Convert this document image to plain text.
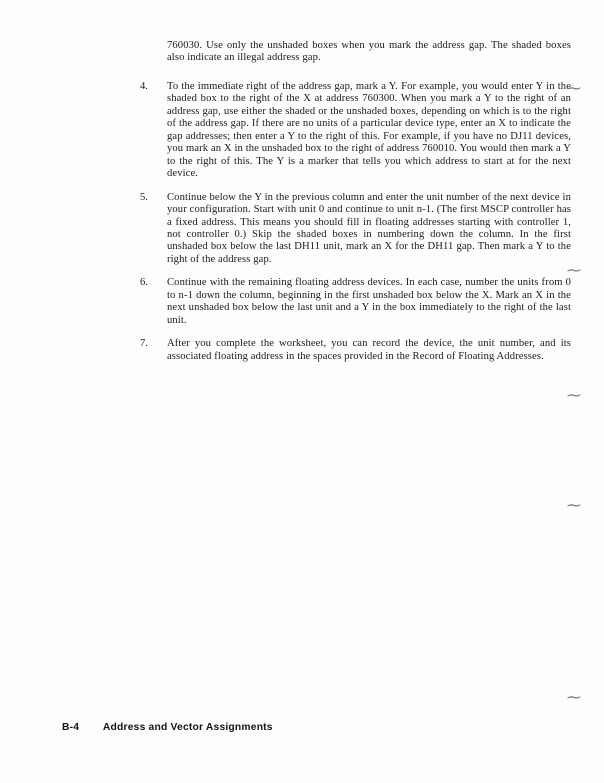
760030. Use only the unshaded boxes when you mark the address gap. The shaded boxes also indicate an illegal address gap.

4.	To the immediate right of the address gap, mark a Y. For example, you would enter Y in the shaded box to the right of the X at address 760300. When you mark a Y to the right of an address gap, use either the shaded or the unshaded boxes, depending on which is to the right of the address gap. If there are no units of a particular device type, enter an X to indicate the gap addresses; then enter a Y to the right of this. For example, if you have no DJ11 devices, you mark an X in the unshaded box to the right of address 760010. You would then mark a Y to the right of this. The Y is a marker that tells you which address to start at for the next device.

5.	Continue below the Y in the previous column and enter the unit number of the next device in your configuration. Start with unit 0 and continue to unit n-1. (The first MSCP controller has a fixed address. This means you should fill in floating addresses starting with controller 1, not controller 0.) Skip the shaded boxes in numbering down the column. In the first unshaded box below the last DH11 unit, mark an X for the DH11 gap. Then mark a Y to the right of the address gap.

6.	Continue with the remaining floating address devices. In each case, number the units from 0 to n-1 down the column, beginning in the first unshaded box below the X. Mark an X in the next unshaded box below the last unit and a Y in the box immediately to the right of the last unit.

7.	After you complete the worksheet, you can record the device, the unit number, and its associated floating address in the spaces provided in the Record of Floating Addresses.

B-4 Address and Vector Assignments
~
~
~
~
~
